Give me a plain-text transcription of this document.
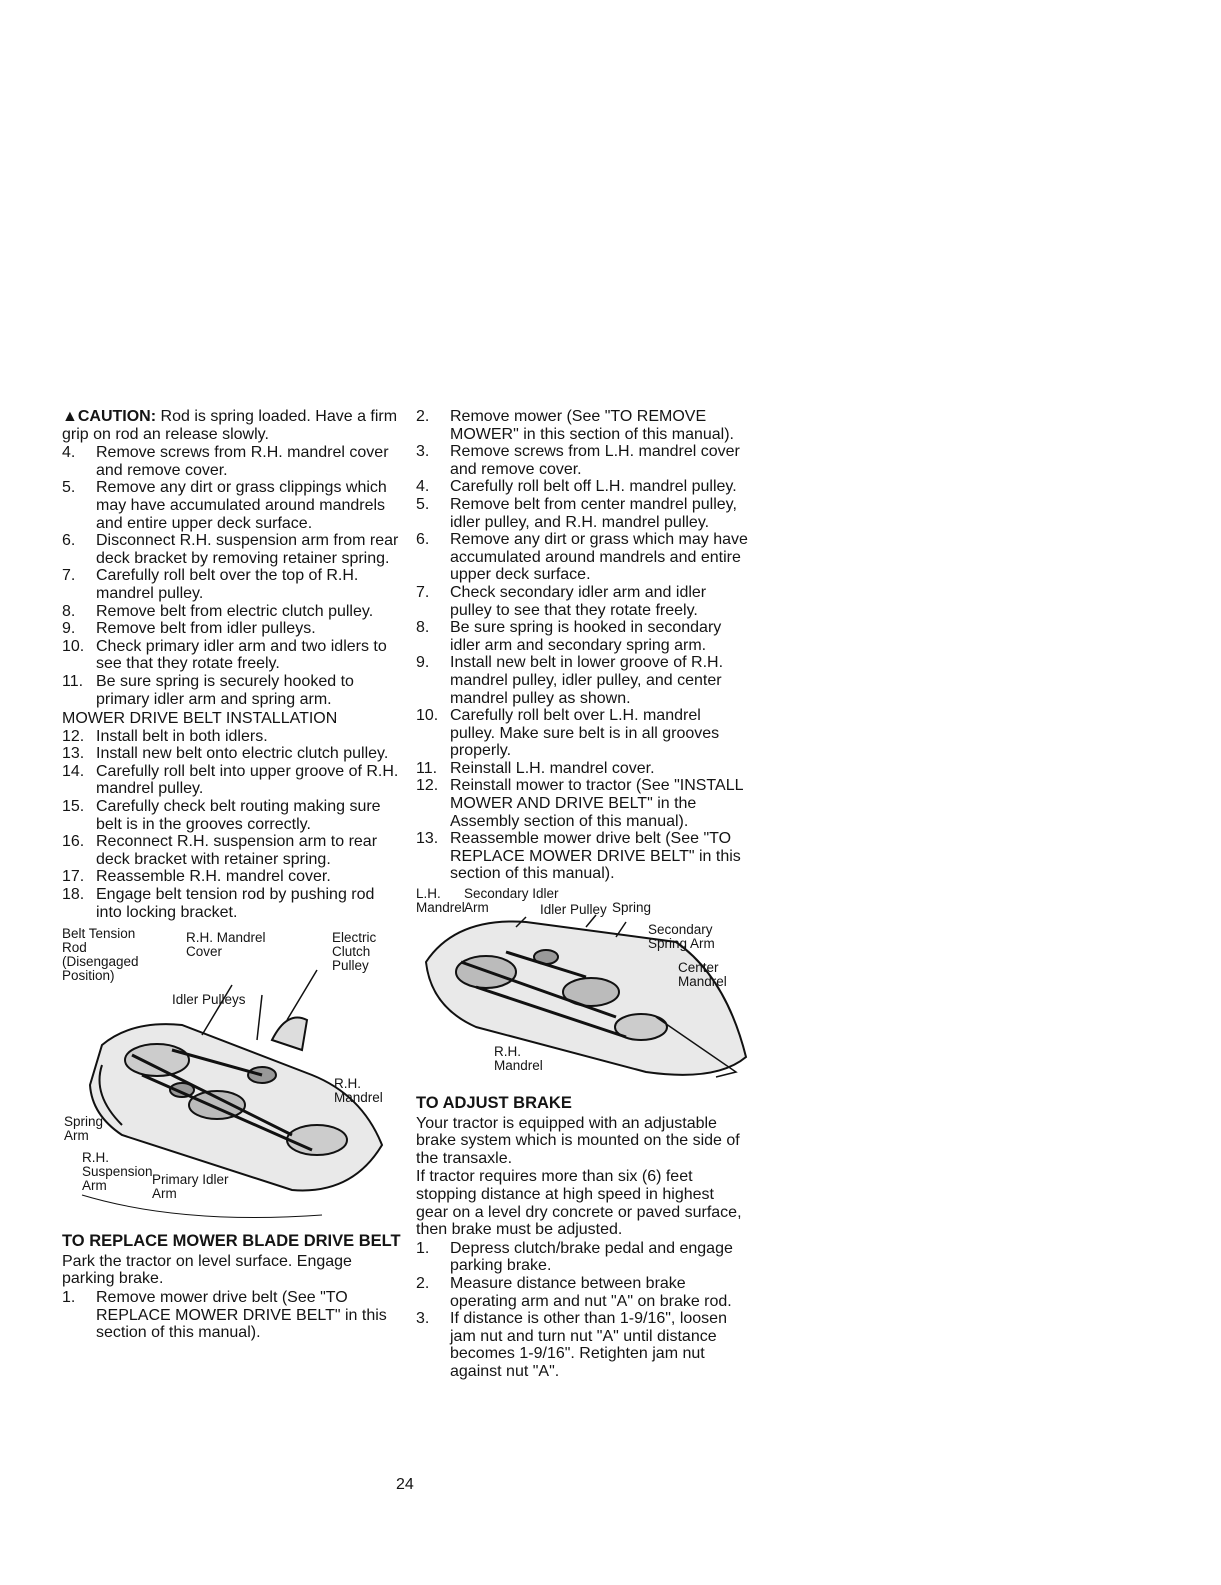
▲CAUTION: Rod is spring loaded. Have a firm grip on rod an release slowly.

4.	Remove screws from R.H. mandrel cover and remove cover.

5.	Remove any dirt or grass clippings which may have accumulated around mandrels and entire upper deck surface.

6.	Disconnect R.H. suspension arm from rear deck bracket by removing retainer spring.

7.	Carefully roll belt over the top of R.H. mandrel pulley.

8.	Remove belt from electric clutch pulley.

9.	Remove belt from idler pulleys.

10. Check primary idler arm and two idlers to see that they rotate freely.

11. Be sure spring is securely hooked to primary idler arm and spring arm.

MOWER DRIVE BELT INSTALLATION

12. Install belt in both idlers.

13. Install new belt onto electric clutch pulley.

14. Carefully roll belt into upper groove of R.H. mandrel pulley.

15. Carefully check belt routing making sure belt is in the grooves correctly.

16. Reconnect R.H. suspension arm to rear deck bracket with retainer spring.

17. Reassemble R.H. mandrel cover.

18. Engage belt tension rod by pushing rod into locking bracket.

Belt Tension Rod (Disengaged Position)
R.H. Mandrel Cover
Electric Clutch Pulley
Idler Pulleys
R.H. Mandrel
Spring Arm
R.H. Suspension Arm	Primary Idler Arm

TO REPLACE MOWER BLADE DRIVE BELT

Park the tractor on level surface. Engage parking brake.

1.	Remove mower drive belt (See "TO REPLACE MOWER DRIVE BELT" in this section of this manual).

2.	Remove mower (See "TO REMOVE MOWER" in this section of this manual).

3.	Remove screws from L.H. mandrel cover and remove cover.

4.	Carefully roll belt off L.H. mandrel pulley.

5.	Remove belt from center mandrel pulley, idler pulley, and R.H. mandrel pulley.

6.	Remove any dirt or grass which may have accumulated around mandrels and entire upper deck surface.

7.	Check secondary idler arm and idler pulley to see that they rotate freely.

8.	Be sure spring is hooked in secondary idler arm and secondary spring arm.

9.	Install new belt in lower groove of R.H. mandrel pulley, idler pulley, and center mandrel pulley as shown.

10. Carefully roll belt over L.H. mandrel pulley. Make sure belt is in all grooves properly.

11. Reinstall L.H. mandrel cover.

12. Reinstall mower to tractor (See "INSTALL MOWER AND DRIVE BELT" in the Assembly section of this manual).

13. Reassemble mower drive belt (See "TO REPLACE MOWER DRIVE BELT" in this section of this manual).

L.H. Mandrel
Secondary Idler Arm	Idler Pulley Spring
Secondary Spring Arm
Center Mandrel
R.H. Mandrel

TO ADJUST BRAKE

Your tractor is equipped with an adjustable brake system which is mounted on the side of the transaxle.

If tractor requires more than six (6) feet stopping distance at high speed in highest gear on a level dry concrete or paved surface, then brake must be adjusted.

1.	Depress clutch/brake pedal and engage parking brake.

2.	Measure distance between brake operating arm and nut "A" on brake rod.

3.	If distance is other than 1-9/16", loosen jam nut and turn nut "A" until distance becomes 1-9/16". Retighten jam nut against nut "A".

24
